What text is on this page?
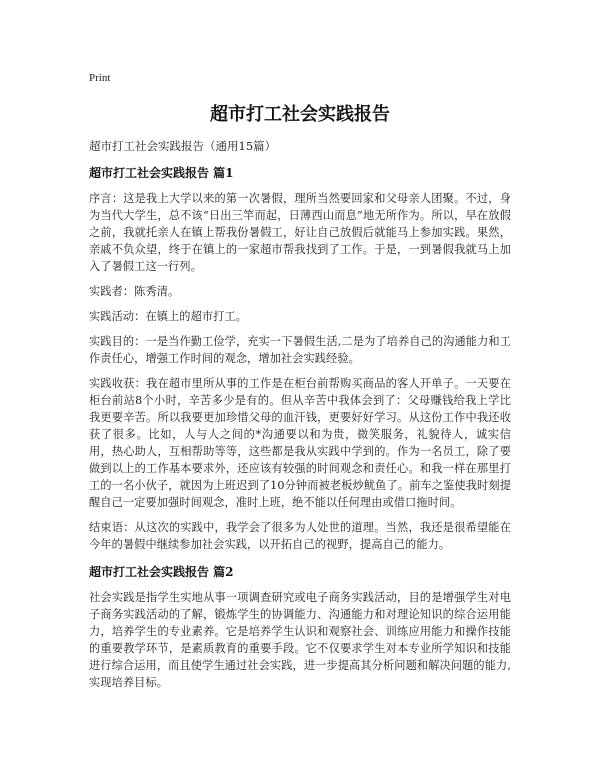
Print
超市打工社会实践报告
超市打工社会实践报告（通用15篇）
超市打工社会实践报告 篇1

序言：这是我上大学以来的第一次暑假，理所当然要回家和父母亲人团聚。不过，身为当代大学生，总不该“日出三竿而起，日薄西山而息”地无所作为。所以，早在放假之前，我就托亲人在镇上帮我份暑假工，好让自己放假后就能马上参加实践。果然，亲戚不负众望，终于在镇上的一家超市帮我找到了工作。于是，一到暑假我就马上加入了暑假工这一行列。

实践者：陈秀清。

实践活动：在镇上的超市打工。

实践目的：一是当作勤工俭学，充实一下暑假生活,二是为了培养自己的沟通能力和工作责任心，增强工作时间的观念，增加社会实践经验。

实践收获：我在超市里所从事的工作是在柜台前帮购买商品的客人开单子。一天要在柜台前站8个小时，辛苦多少是有的。但从辛苦中我体会到了：父母赚钱给我上学比我更要辛苦。所以我要更加珍惜父母的血汗钱，更要好好学习。从这份工作中我还收获了很多。比如，人与人之间的*沟通要以和为贵，微笑服务，礼貌待人，诚实信用，热心助人，互相帮助等等，这些都是我从实践中学到的。作为一名员工，除了要做到以上的工作基本要求外，还应该有较强的时间观念和责任心。和我一样在那里打工的一名小伙子，就因为上班迟到了10分钟而被老板炒鱿鱼了。前车之鉴使我时刻提醒自己一定要加强时间观念，准时上班，绝不能以任何理由或借口拖时间。

结束语：从这次的实践中，我学会了很多为人处世的道理。当然，我还是很希望能在今年的暑假中继续参加社会实践，以开拓自己的视野，提高自己的能力。

超市打工社会实践报告 篇2

社会实践是指学生实地从事一项调查研究或电子商务实践活动，目的是增强学生对电子商务实践活动的了解，锻炼学生的协调能力、沟通能力和对理论知识的综合运用能力，培养学生的专业素养。它是培养学生认识和观察社会、训练应用能力和操作技能的重要教学环节，是素质教育的重要手段。它不仅要求学生对本专业所学知识和技能进行综合运用，而且使学生通过社会实践，进一步提高其分析问题和解决问题的能力,实现培养目标。
